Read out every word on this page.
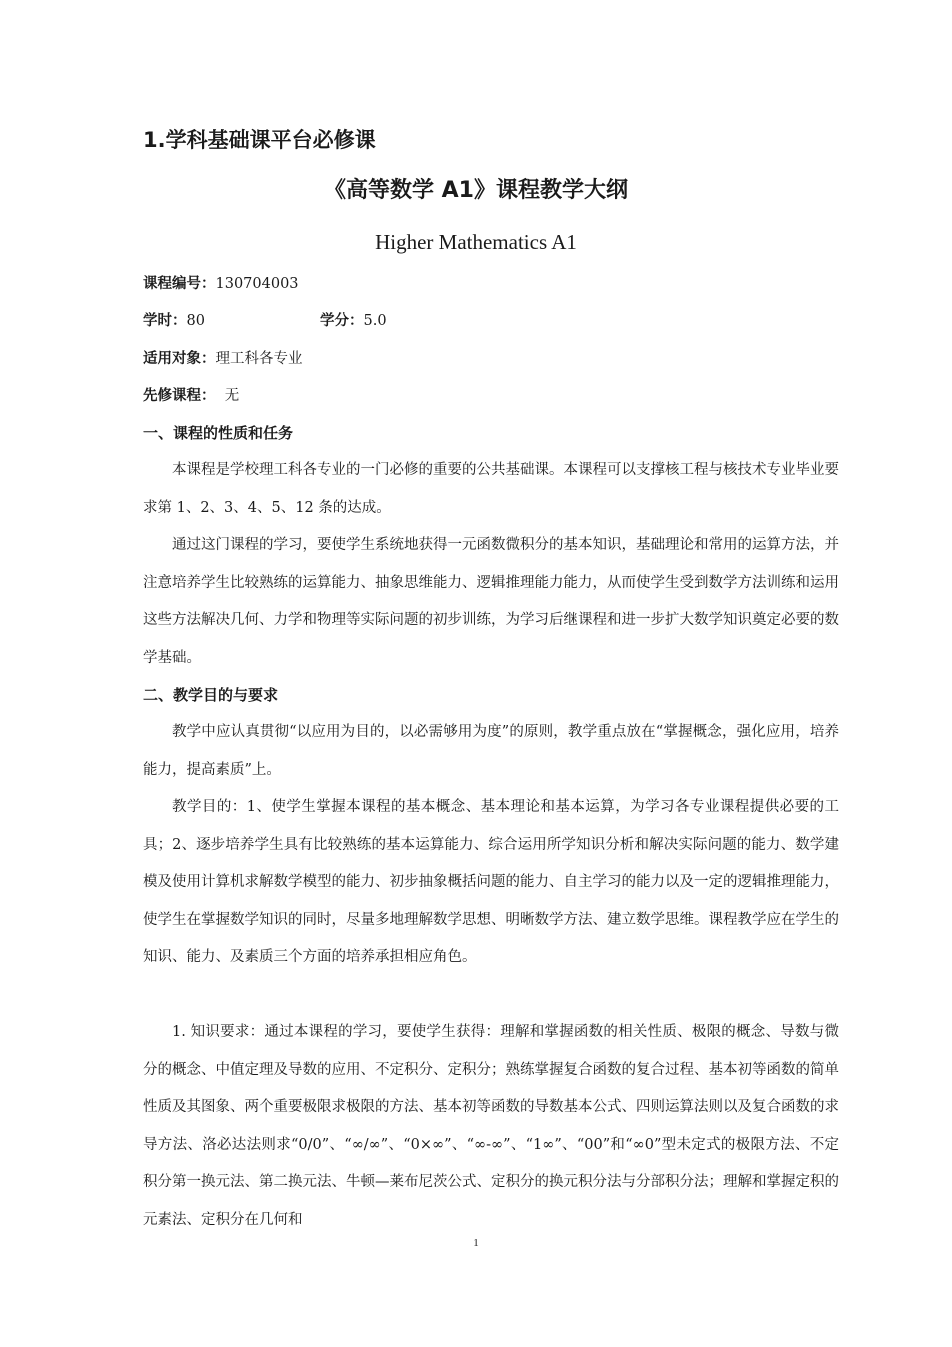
1.学科基础课平台必修课
《高等数学 A1》课程教学大纲
Higher Mathematics A1
课程编号：130704003
学时：80	学分：5.0
适用对象：理工科各专业
先修课程：  无
一、课程的性质和任务

本课程是学校理工科各专业的一门必修的重要的公共基础课。本课程可以支撑核工程与核技术专业毕业要求第 1、2、3、4、5、12 条的达成。

通过这门课程的学习，要使学生系统地获得一元函数微积分的基本知识，基础理论和常用的运算方法，并注意培养学生比较熟练的运算能力、抽象思维能力、逻辑推理能力能力，从而使学生受到数学方法训练和运用这些方法解决几何、力学和物理等实际问题的初步训练，为学习后继课程和进一步扩大数学知识奠定必要的数学基础。

二、教学目的与要求

教学中应认真贯彻“以应用为目的，以必需够用为度”的原则，教学重点放在“掌握概念，强化应用，培养能力，提高素质”上。

教学目的：1、使学生掌握本课程的基本概念、基本理论和基本运算，为学习各专业课程提供必要的工具；2、逐步培养学生具有比较熟练的基本运算能力、综合运用所学知识分析和解决实际问题的能力、数学建模及使用计算机求解数学模型的能力、初步抽象概括问题的能力、自主学习的能力以及一定的逻辑推理能力，使学生在掌握数学知识的同时，尽量多地理解数学思想、明晰数学方法、建立数学思维。课程教学应在学生的知识、能力、及素质三个方面的培养承担相应角色。

1. 知识要求：通过本课程的学习，要使学生获得：理解和掌握函数的相关性质、极限的概念、导数与微分的概念、中值定理及导数的应用、不定积分、定积分；熟练掌握复合函数的复合过程、基本初等函数的简单性质及其图象、两个重要极限求极限的方法、基本初等函数的导数基本公式、四则运算法则以及复合函数的求导方法、洛必达法则求“0/0”、“∞/∞”、“0×∞”、“∞-∞”、“1∞”、“00”和“∞0”型未定式的极限方法、不定积分第一换元法、第二换元法、牛顿—莱布尼茨公式、定积分的换元积分法与分部积分法；理解和掌握定积的元素法、定积分在几何和

1
